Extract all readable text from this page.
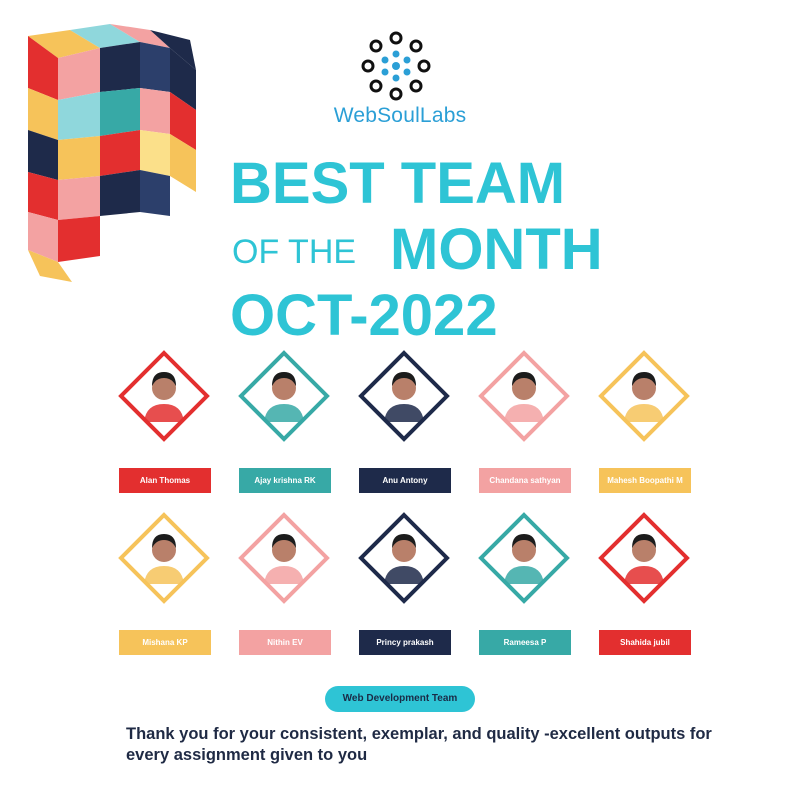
WebSoulLabs
BEST TEAM
OF THE MONTH
OCT-2022
Alan Thomas	Ajay krishna RK	Anu Antony	Chandana sathyan	Mahesh Boopathi M
Mishana KP	Nithin EV	Princy prakash	Rameesa P	Shahida jubil
Web Development Team
Thank you for your consistent, exemplar, and quality -excellent outputs for every assignment given to you
